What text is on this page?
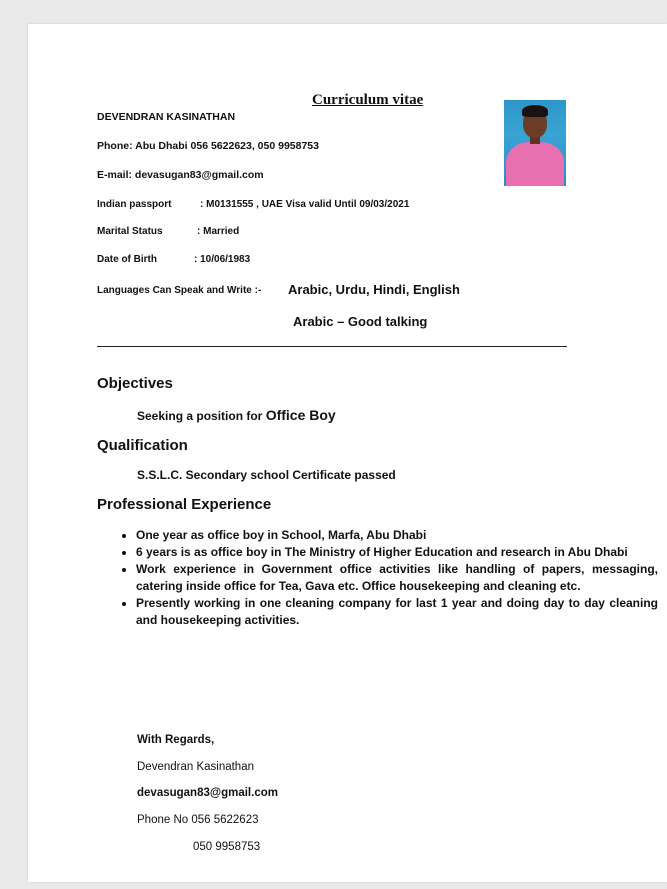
Curriculum vitae
DEVENDRAN KASINATHAN
Phone: Abu Dhabi 056 5622623, 050 9958753
E-mail: devasugan83@gmail.com
Indian passport	: M0131555 , UAE Visa valid Until 09/03/2021
Marital Status	: Married
Date of Birth	: 10/06/1983
Languages Can Speak and Write :- Arabic, Urdu, Hindi, English
Arabic – Good talking
Objectives
Seeking a position for Office Boy
Qualification
S.S.L.C. Secondary school Certificate passed
Professional Experience
• One year as office boy in School, Marfa, Abu Dhabi
• 6 years is as office boy in The Ministry of Higher Education and research in Abu Dhabi
• Work experience in Government office activities like handling of papers, messaging, catering inside office for Tea, Gava etc. Office housekeeping and cleaning etc.
• Presently working in one cleaning company for last 1 year and doing day to day cleaning and housekeeping activities.
With Regards,
Devendran Kasinathan
devasugan83@gmail.com
Phone No 056 5622623
050 9958753
